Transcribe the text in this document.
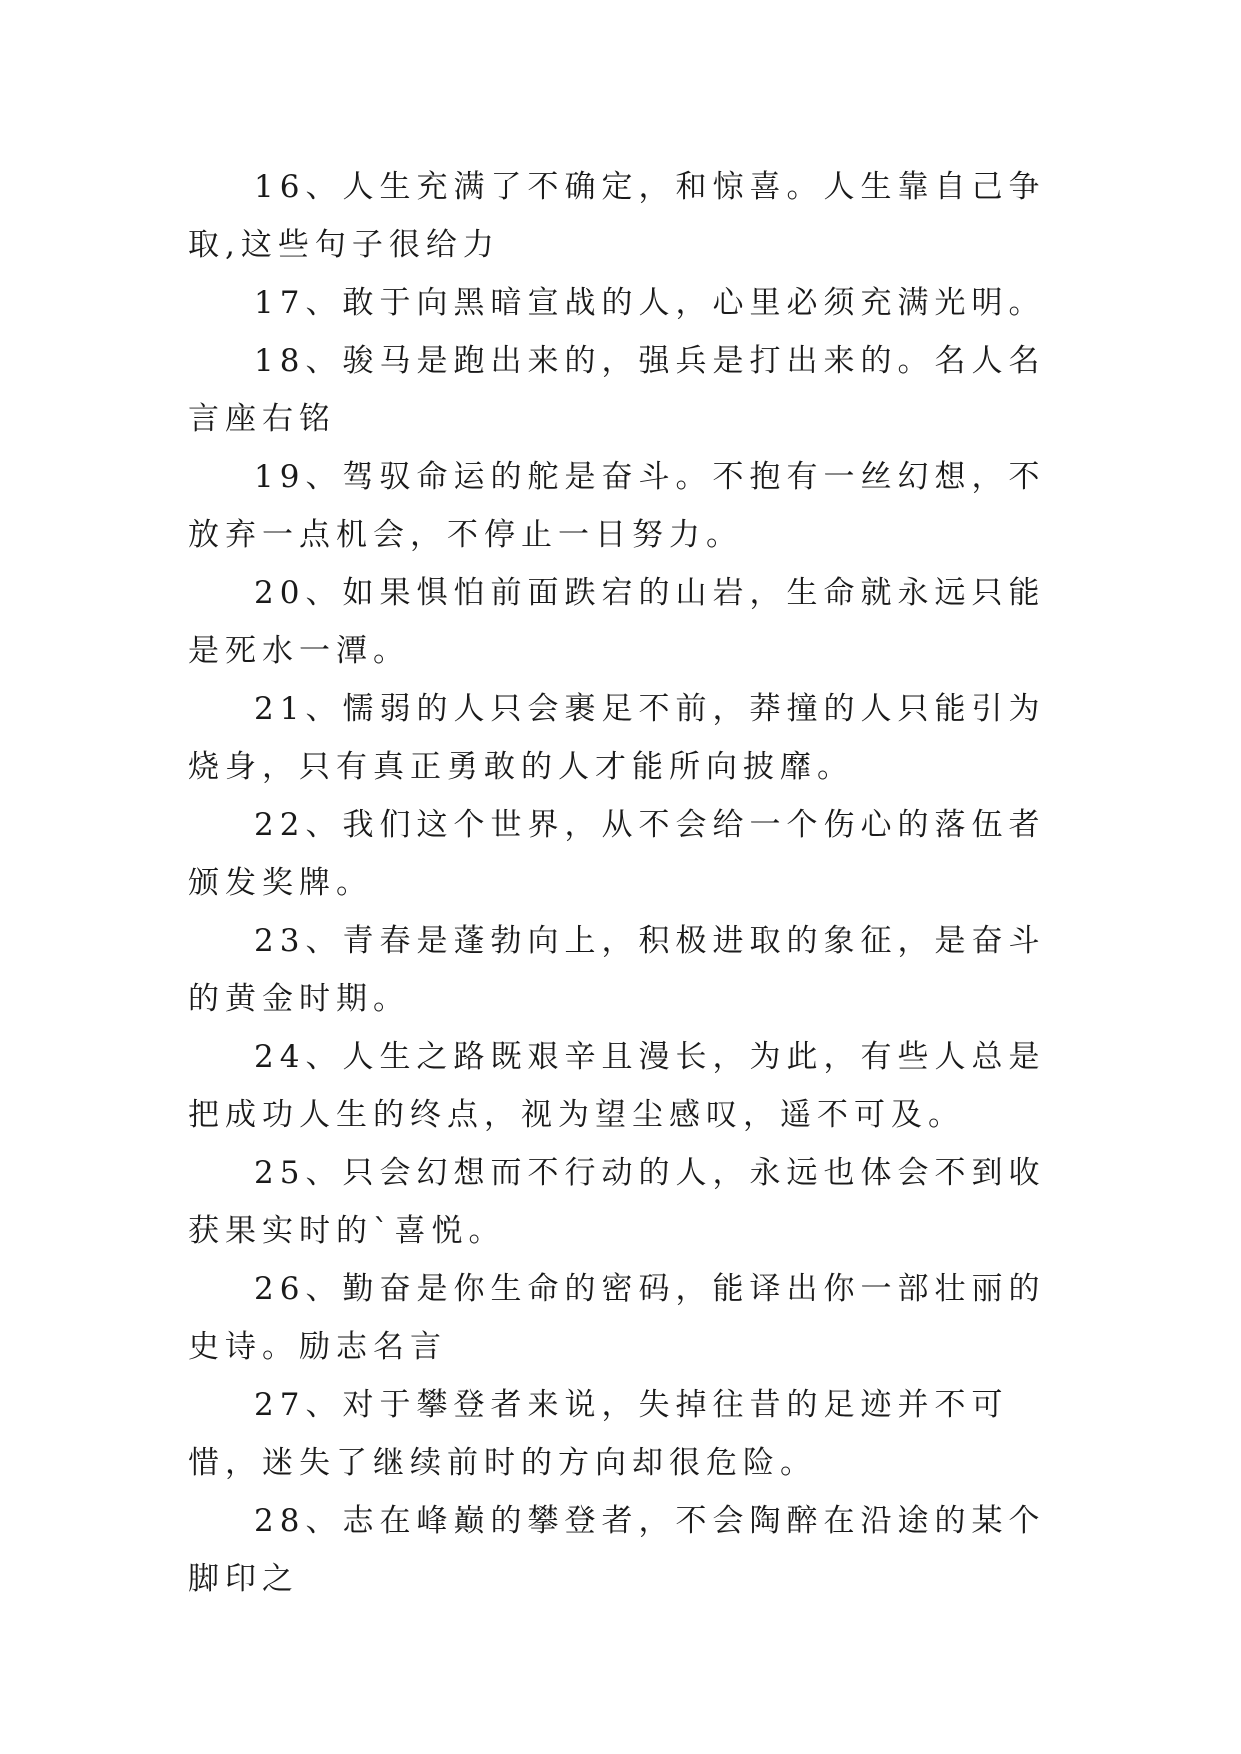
16、人生充满了不确定，和惊喜。人生靠自己争取,这些句子很给力

17、敢于向黑暗宣战的人，心里必须充满光明。

18、骏马是跑出来的，强兵是打出来的。名人名言座右铭

19、驾驭命运的舵是奋斗。不抱有一丝幻想，不放弃一点机会，不停止一日努力。

20、如果惧怕前面跌宕的山岩，生命就永远只能是死水一潭。

21、懦弱的人只会裹足不前，莽撞的人只能引为烧身，只有真正勇敢的人才能所向披靡。

22、我们这个世界，从不会给一个伤心的落伍者颁发奖牌。

23、青春是蓬勃向上，积极进取的象征，是奋斗的黄金时期。

24、人生之路既艰辛且漫长，为此，有些人总是把成功人生的终点，视为望尘感叹，遥不可及。

25、只会幻想而不行动的人，永远也体会不到收获果实时的`喜悦。

26、勤奋是你生命的密码，能译出你一部壮丽的史诗。励志名言

27、对于攀登者来说，失掉往昔的足迹并不可惜，迷失了继续前时的方向却很危险。

28、志在峰巅的攀登者，不会陶醉在沿途的某个脚印之
